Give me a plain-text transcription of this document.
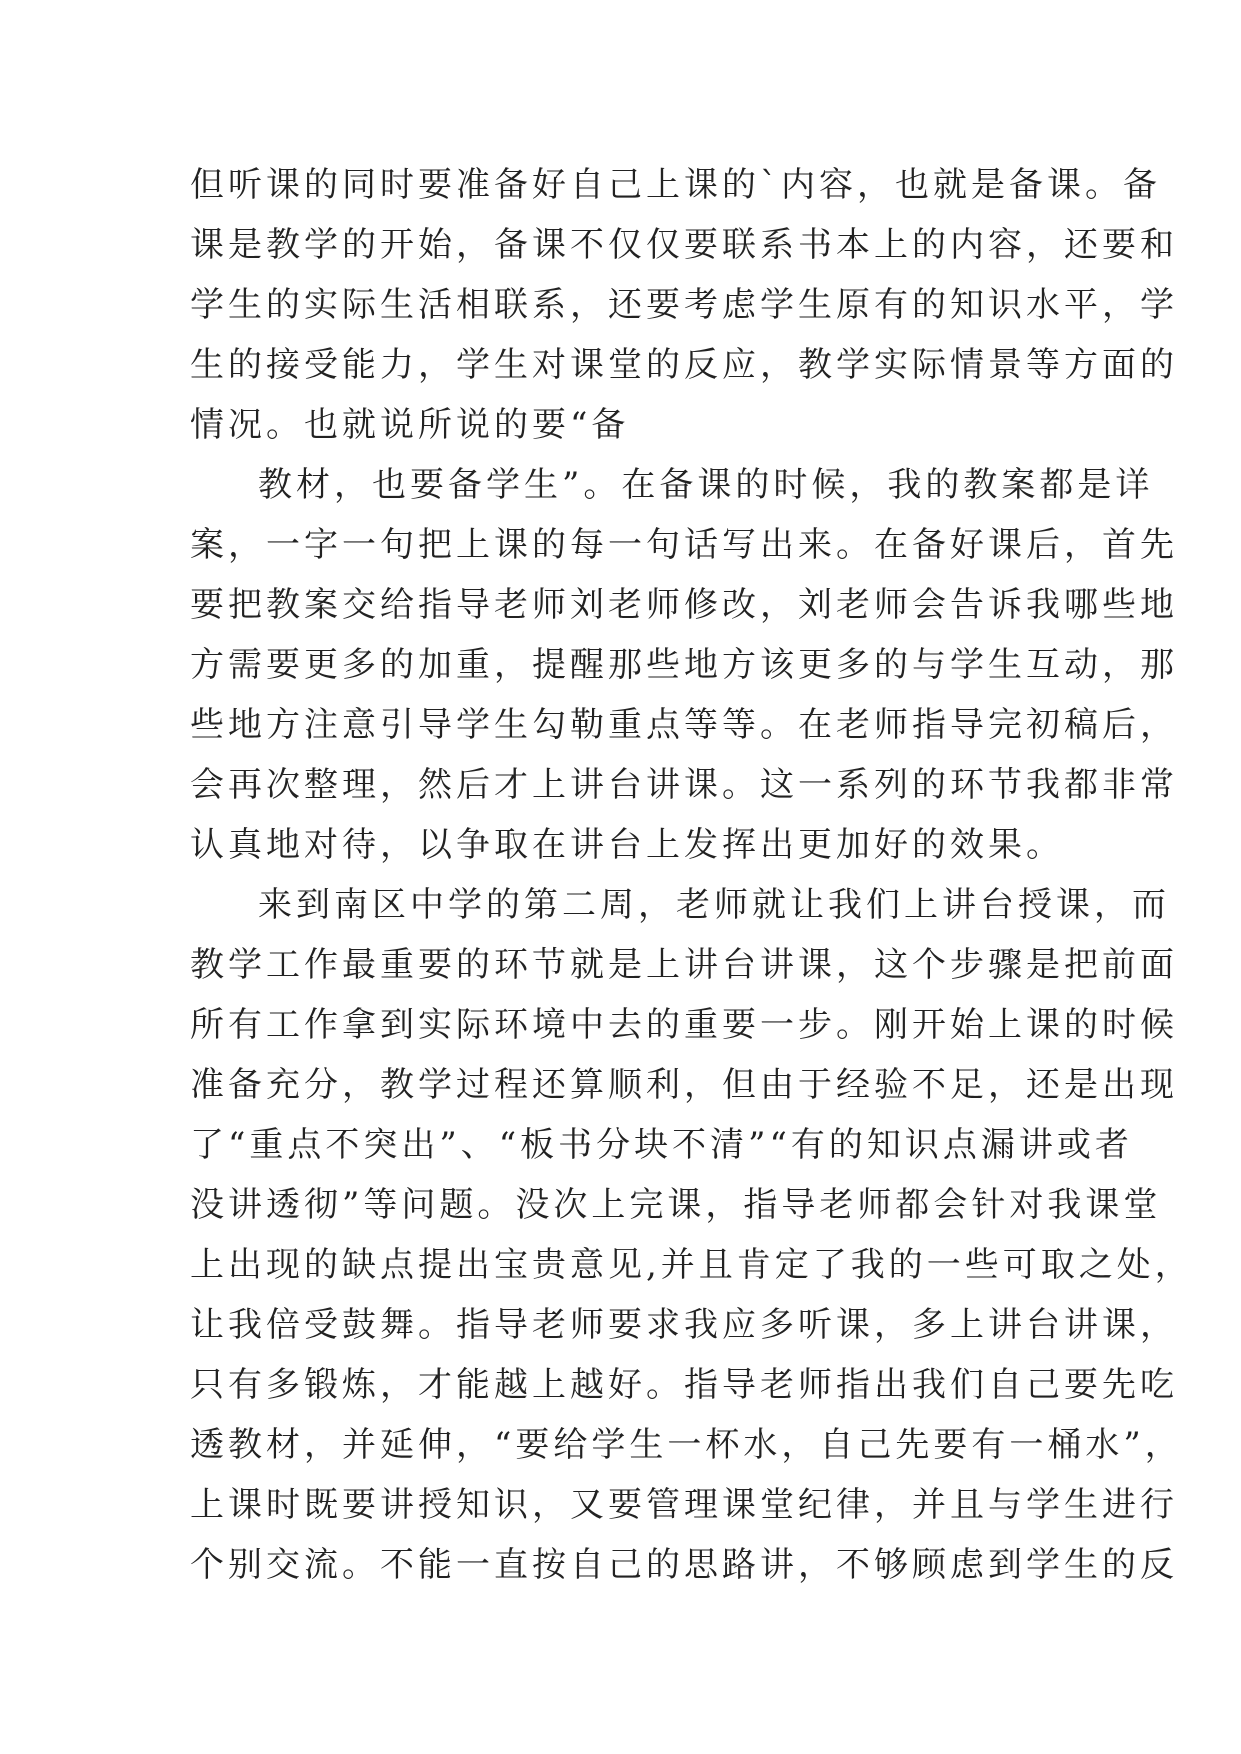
但听课的同时要准备好自己上课的`内容，也就是备课。备
课是教学的开始，备课不仅仅要联系书本上的内容，还要和
学生的实际生活相联系，还要考虑学生原有的知识水平，学
生的接受能力，学生对课堂的反应，教学实际情景等方面的
情况。也就说所说的要“备
教材，也要备学生”。在备课的时候，我的教案都是详
案，一字一句把上课的每一句话写出来。在备好课后，首先
要把教案交给指导老师刘老师修改，刘老师会告诉我哪些地
方需要更多的加重，提醒那些地方该更多的与学生互动，那
些地方注意引导学生勾勒重点等等。在老师指导完初稿后，
会再次整理，然后才上讲台讲课。这一系列的环节我都非常
认真地对待，以争取在讲台上发挥出更加好的效果。
来到南区中学的第二周，老师就让我们上讲台授课，而
教学工作最重要的环节就是上讲台讲课，这个步骤是把前面
所有工作拿到实际环境中去的重要一步。刚开始上课的时候
准备充分，教学过程还算顺利，但由于经验不足，还是出现
了“重点不突出”、“板书分块不清”“有的知识点漏讲或者
没讲透彻”等问题。没次上完课，指导老师都会针对我课堂
上出现的缺点提出宝贵意见,并且肯定了我的一些可取之处，
让我倍受鼓舞。指导老师要求我应多听课，多上讲台讲课，
只有多锻炼，才能越上越好。指导老师指出我们自己要先吃
透教材，并延伸，“要给学生一杯水，自己先要有一桶水”，
上课时既要讲授知识，又要管理课堂纪律，并且与学生进行
个别交流。不能一直按自己的思路讲，不够顾虑到学生的反
